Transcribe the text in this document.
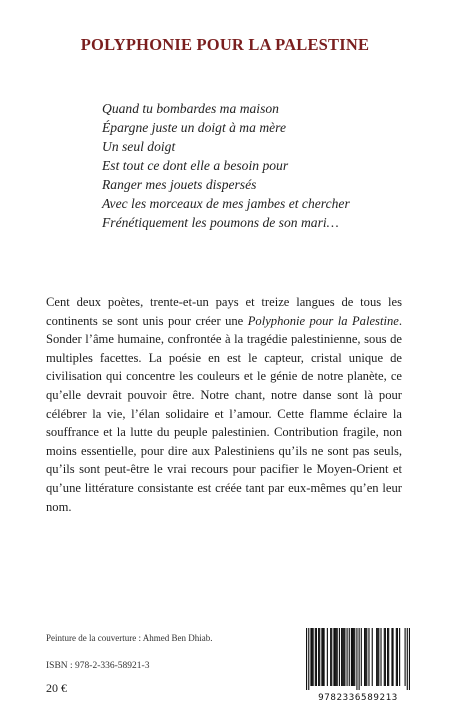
POLYPHONIE POUR LA PALESTINE
Quand tu bombardes ma maison
Épargne juste un doigt à ma mère
Un seul doigt
Est tout ce dont elle a besoin pour
Ranger mes jouets dispersés
Avec les morceaux de mes jambes et chercher
Frénétiquement les poumons de son mari…
Cent deux poètes, trente-et-un pays et treize langues de tous les continents se sont unis pour créer une Polyphonie pour la Palestine. Sonder l’âme humaine, confrontée à la tragédie palestinienne, sous de multiples facettes. La poésie en est le capteur, cristal unique de civilisation qui concentre les couleurs et le génie de notre planète, ce qu’elle devrait pouvoir être. Notre chant, notre danse sont là pour célébrer la vie, l’élan solidaire et l’amour. Cette flamme éclaire la souffrance et la lutte du peuple palestinien. Contribution fragile, non moins essentielle, pour dire aux Palestiniens qu’ils ne sont pas seuls, qu’ils sont peut-être le vrai recours pour pacifier le Moyen-Orient et qu’une littérature consistante est créée tant par eux-mêmes qu’en leur nom.
Peinture de la couverture : Ahmed Ben Dhiab.
ISBN : 978-2-336-58921-3
20 €
9782336589213
